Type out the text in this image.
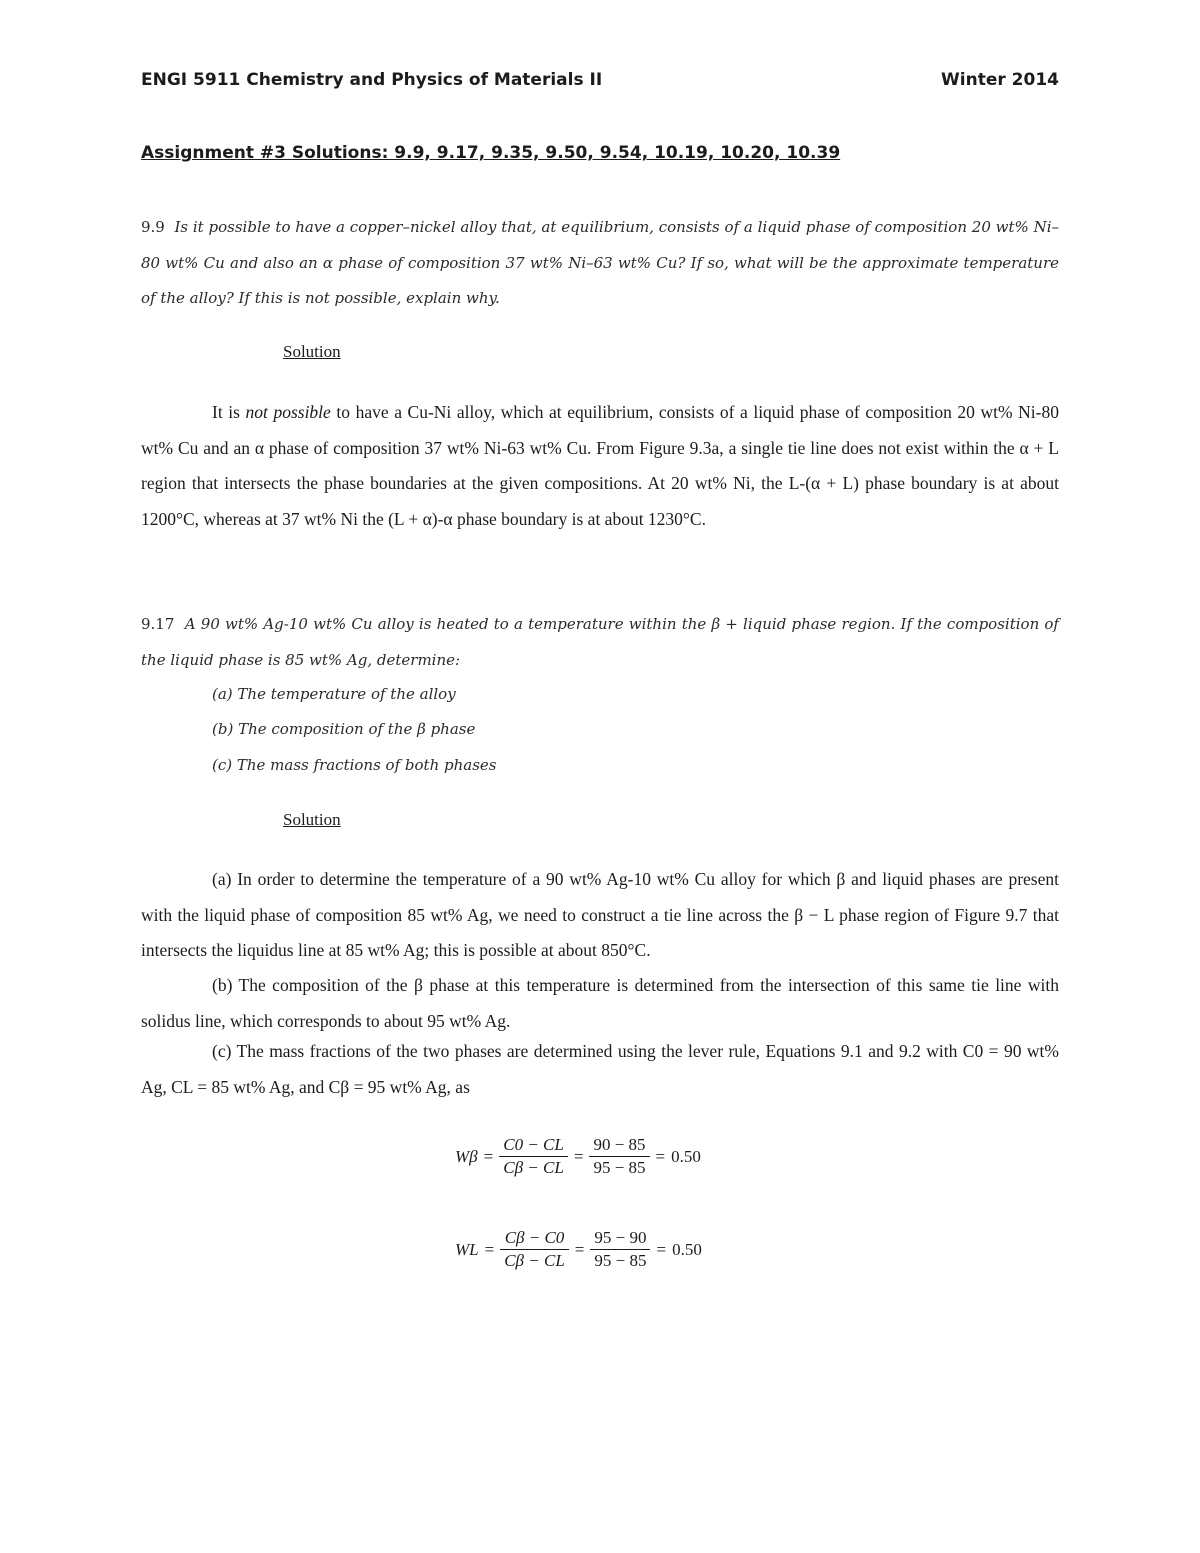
ENGI 5911 Chemistry and Physics of Materials II	Winter 2014
Assignment #3 Solutions: 9.9, 9.17, 9.35, 9.50, 9.54, 10.19, 10.20, 10.39
9.9 Is it possible to have a copper–nickel alloy that, at equilibrium, consists of a liquid phase of composition 20 wt% Ni–80 wt% Cu and also an α phase of composition 37 wt% Ni–63 wt% Cu? If so, what will be the approximate temperature of the alloy? If this is not possible, explain why.
Solution
It is not possible to have a Cu-Ni alloy, which at equilibrium, consists of a liquid phase of composition 20 wt% Ni-80 wt% Cu and an α phase of composition 37 wt% Ni-63 wt% Cu. From Figure 9.3a, a single tie line does not exist within the α + L region that intersects the phase boundaries at the given compositions. At 20 wt% Ni, the L-(α + L) phase boundary is at about 1200°C, whereas at 37 wt% Ni the (L + α)-α phase boundary is at about 1230°C.
9.17 A 90 wt% Ag-10 wt% Cu alloy is heated to a temperature within the β + liquid phase region. If the composition of the liquid phase is 85 wt% Ag, determine:
(a) The temperature of the alloy
(b) The composition of the β phase
(c) The mass fractions of both phases
Solution
(a) In order to determine the temperature of a 90 wt% Ag-10 wt% Cu alloy for which β and liquid phases are present with the liquid phase of composition 85 wt% Ag, we need to construct a tie line across the β − L phase region of Figure 9.7 that intersects the liquidus line at 85 wt% Ag; this is possible at about 850°C.
(b) The composition of the β phase at this temperature is determined from the intersection of this same tie line with solidus line, which corresponds to about 95 wt% Ag.
(c) The mass fractions of the two phases are determined using the lever rule, Equations 9.1 and 9.2 with C0 = 90 wt% Ag, CL = 85 wt% Ag, and Cβ = 95 wt% Ag, as
$W\beta = \frac{C0 - CL}{C\beta - CL} = \frac{90 - 85}{95 - 85} = 0.50$
WL = $\frac{C\beta - C0}{C\beta - CL} = \frac{95 - 90}{95 - 85} = 0.50$
